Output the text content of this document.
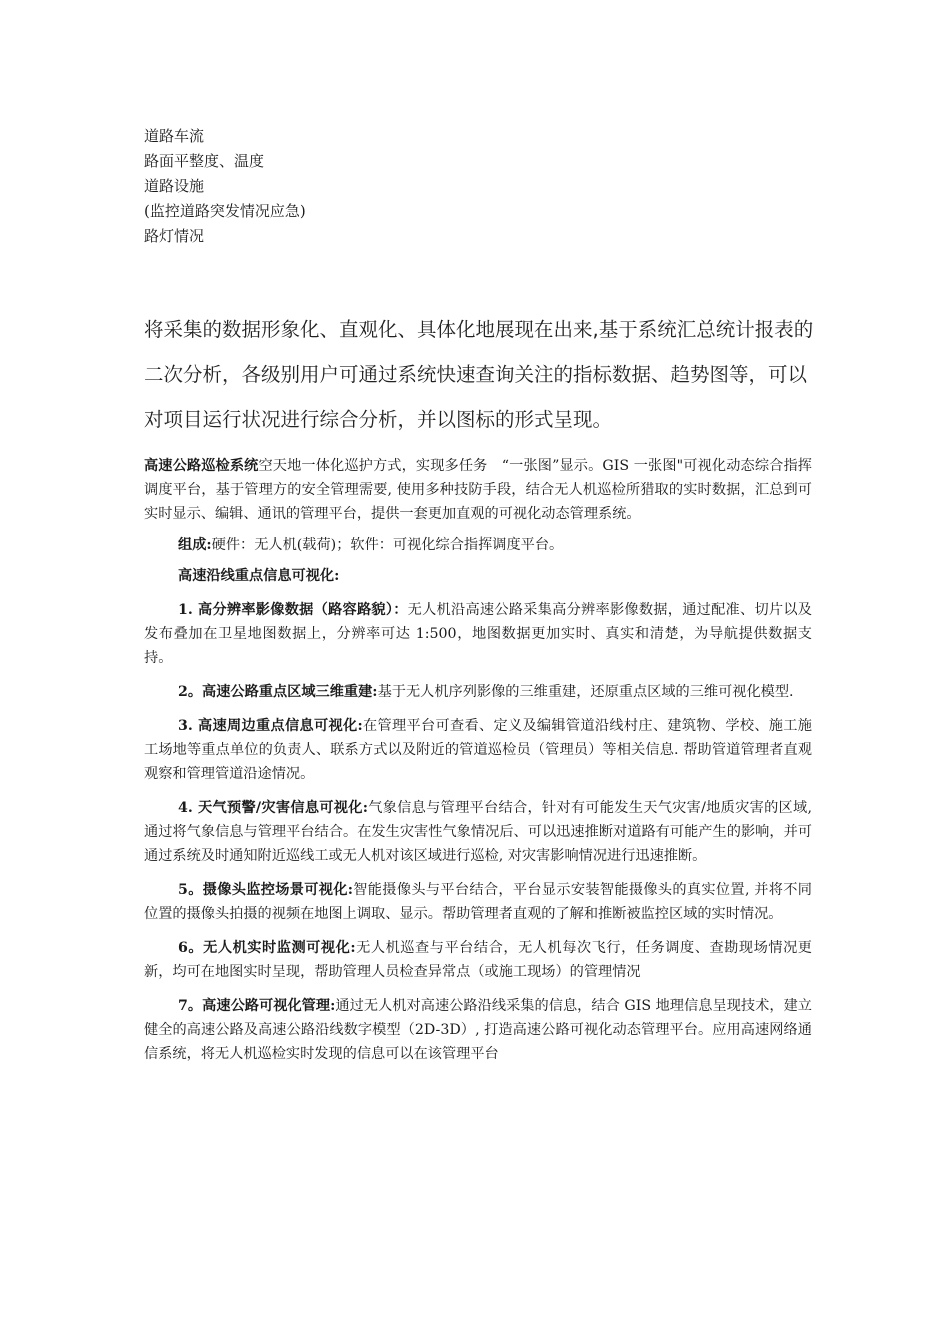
道路车流
路面平整度、温度
道路设施
(监控道路突发情况应急)
路灯情况
将采集的数据形象化、直观化、具体化地展现在出来,基于系统汇总统计报表的
二次分析，各级别用户可通过系统快速查询关注的指标数据、趋势图等，可以
对项目运行状况进行综合分析，并以图标的形式呈现。

高速公路巡检系统空天地一体化巡护方式，实现多任务　“一张图”显示。GIS 一张图"可视化动态综合指挥调度平台，基于管理方的安全管理需要, 使用多种技防手段，结合无人机巡检所猎取的实时数据，汇总到可实时显示、编辑、通讯的管理平台，提供一套更加直观的可视化动态管理系统。

组成:硬件：无人机(载荷)；软件：可视化综合指挥调度平台。

高速沿线重点信息可视化:

1. 高分辨率影像数据（路容路貌）：无人机沿高速公路采集高分辨率影像数据，通过配准、切片以及发布叠加在卫星地图数据上，分辨率可达 1:500，地图数据更加实时、真实和清楚，为导航提供数据支持。

2。高速公路重点区域三维重建:基于无人机序列影像的三维重建，还原重点区域的三维可视化模型.

3. 高速周边重点信息可视化:在管理平台可查看、定义及编辑管道沿线村庄、建筑物、学校、施工施工场地等重点单位的负责人、联系方式以及附近的管道巡检员（管理员）等相关信息. 帮助管道管理者直观观察和管理管道沿途情况。

4. 天气预警/灾害信息可视化:气象信息与管理平台结合，针对有可能发生天气灾害/地质灾害的区域, 通过将气象信息与管理平台结合。在发生灾害性气象情况后、可以迅速推断对道路有可能产生的影响，并可通过系统及时通知附近巡线工或无人机对该区域进行巡检, 对灾害影响情况进行迅速推断。

5。摄像头监控场景可视化:智能摄像头与平台结合，平台显示安装智能摄像头的真实位置, 并将不同位置的摄像头拍摄的视频在地图上调取、显示。帮助管理者直观的了解和推断被监控区域的实时情况。

6。无人机实时监测可视化:无人机巡查与平台结合，无人机每次飞行，任务调度、查勘现场情况更新，均可在地图实时呈现，帮助管理人员检查异常点（或施工现场）的管理情况

7。高速公路可视化管理:通过无人机对高速公路沿线采集的信息，结合 GIS 地理信息呈现技术，建立健全的高速公路及高速公路沿线数字模型（2D-3D）, 打造高速公路可视化动态管理平台。应用高速网络通信系统，将无人机巡检实时发现的信息可以在该管理平台
